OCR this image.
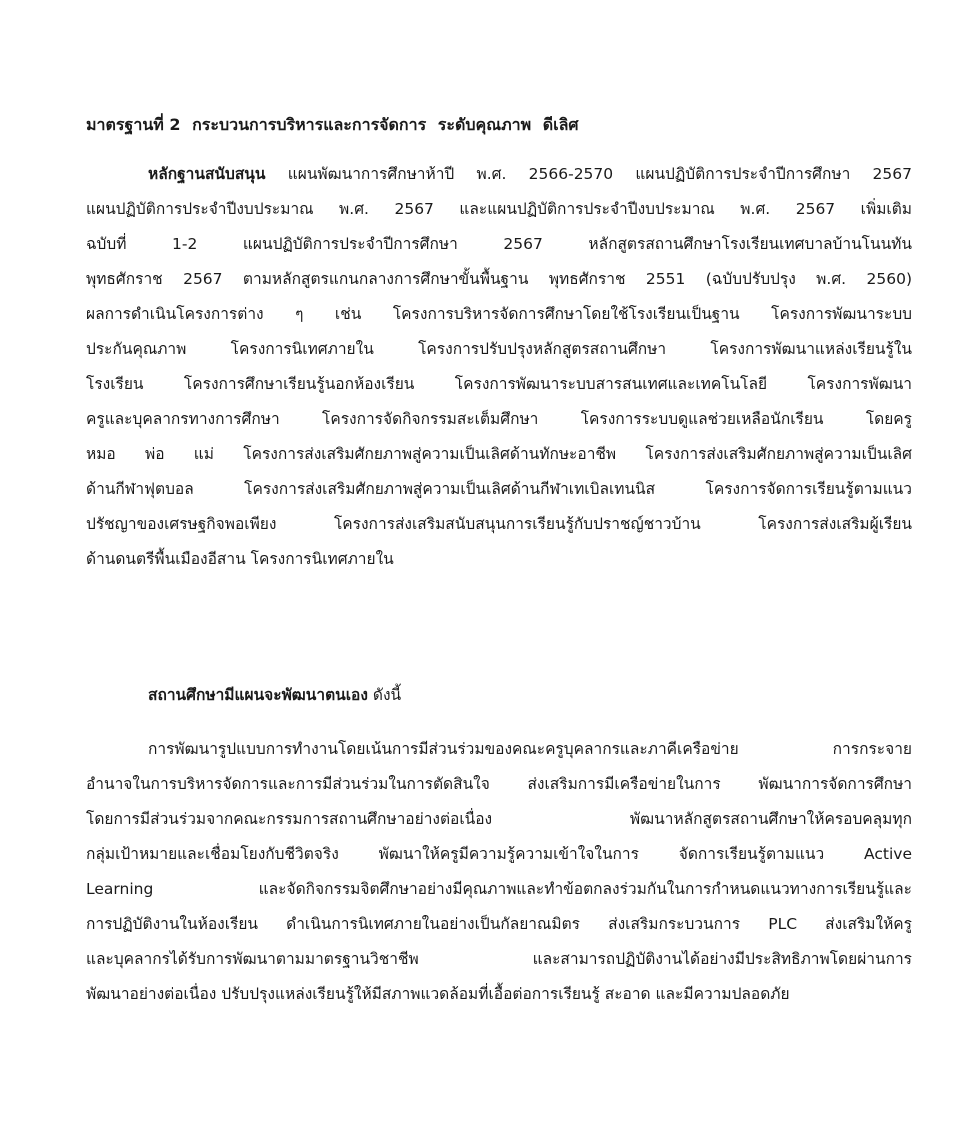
มาตรฐานที่ 2 กระบวนการบริหารและการจัดการ ระดับคุณภาพ ดีเลิศ
หลักฐานสนับสนุน แผนพัฒนาการศึกษาห้าปี พ.ศ. 2566-2570 แผนปฏิบัติการประจำปีการศึกษา 2567
แผนปฏิบัติการประจำปีงบประมาณ พ.ศ. 2567 และแผนปฏิบัติการประจำปีงบประมาณ พ.ศ. 2567 เพิ่มเติม
ฉบับที่ 1-2 แผนปฏิบัติการประจำปีการศึกษา 2567 หลักสูตรสถานศึกษาโรงเรียนเทศบาลบ้านโนนทัน
พุทธศักราช 2567 ตามหลักสูตรแกนกลางการศึกษาขั้นพื้นฐาน พุทธศักราช 2551 (ฉบับปรับปรุง พ.ศ. 2560)
ผลการดำเนินโครงการต่าง ๆ เช่น โครงการบริหารจัดการศึกษาโดยใช้โรงเรียนเป็นฐาน โครงการพัฒนาระบบ
ประกันคุณภาพ โครงการนิเทศภายใน โครงการปรับปรุงหลักสูตรสถานศึกษา โครงการพัฒนาแหล่งเรียนรู้ใน
โรงเรียน โครงการศึกษาเรียนรู้นอกห้องเรียน โครงการพัฒนาระบบสารสนเทศและเทคโนโลยี โครงการพัฒนา
ครูและบุคลากรทางการศึกษา โครงการจัดกิจกรรมสะเต็มศึกษา โครงการระบบดูแลช่วยเหลือนักเรียน โดยครู
หมอ พ่อ แม่ โครงการส่งเสริมศักยภาพสู่ความเป็นเลิศด้านทักษะอาชีพ โครงการส่งเสริมศักยภาพสู่ความเป็นเลิศ
ด้านกีฬาฟุตบอล โครงการส่งเสริมศักยภาพสู่ความเป็นเลิศด้านกีฬาเทเบิลเทนนิส โครงการจัดการเรียนรู้ตามแนว
ปรัชญาของเศรษฐกิจพอเพียง โครงการส่งเสริมสนับสนุนการเรียนรู้กับปราชญ์ชาวบ้าน โครงการส่งเสริมผู้เรียน
ด้านดนตรีพื้นเมืองอีสาน โครงการนิเทศภายใน
สถานศึกษามีแผนจะพัฒนาตนเอง ดังนี้
การพัฒนารูปแบบการทำงานโดยเน้นการมีส่วนร่วมของคณะครูบุคลากรและภาคีเครือข่าย การกระจาย
อำนาจในการบริหารจัดการและการมีส่วนร่วมในการตัดสินใจ ส่งเสริมการมีเครือข่ายในการ พัฒนาการจัดการศึกษา
โดยการมีส่วนร่วมจากคณะกรรมการสถานศึกษาอย่างต่อเนื่อง พัฒนาหลักสูตรสถานศึกษาให้ครอบคลุมทุก
กลุ่มเป้าหมายและเชื่อมโยงกับชีวิตจริง พัฒนาให้ครูมีความรู้ความเข้าใจในการ จัดการเรียนรู้ตามแนว Active
Learning และจัดกิจกรรมจิตศึกษาอย่างมีคุณภาพและทำข้อตกลงร่วมกันในการกำหนดแนวทางการเรียนรู้และ
การปฏิบัติงานในห้องเรียน ดำเนินการนิเทศภายในอย่างเป็นกัลยาณมิตร ส่งเสริมกระบวนการ PLC ส่งเสริมให้ครู
และบุคลากรได้รับการพัฒนาตามมาตรฐานวิชาชีพ และสามารถปฏิบัติงานได้อย่างมีประสิทธิภาพโดยผ่านการ
พัฒนาอย่างต่อเนื่อง ปรับปรุงแหล่งเรียนรู้ให้มีสภาพแวดล้อมที่เอื้อต่อการเรียนรู้ สะอาด และมีความปลอดภัย
